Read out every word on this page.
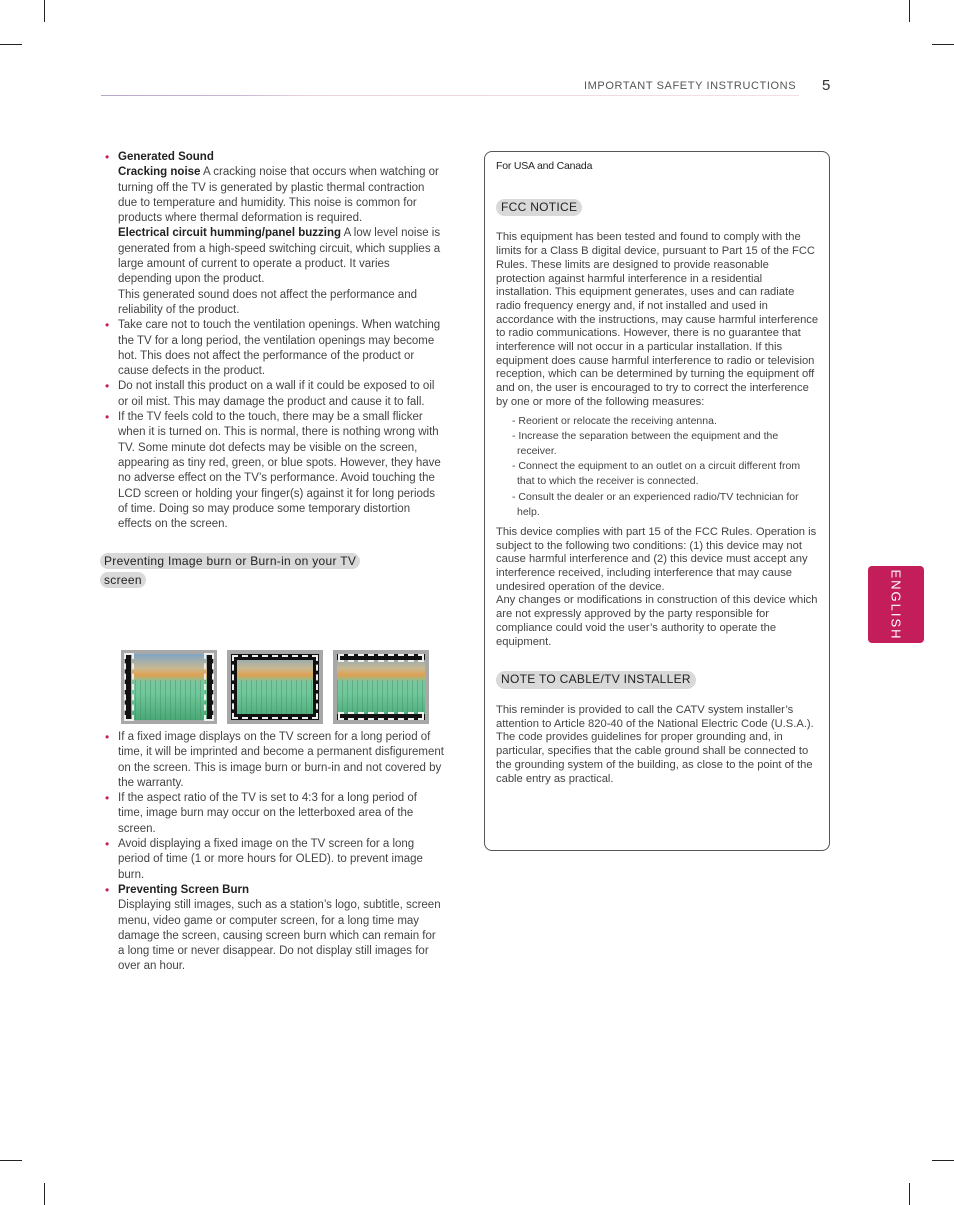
IMPORTANT SAFETY INSTRUCTIONS 5
ENGLISH
• Generated Sound
Cracking noise A cracking noise that occurs when watching or turning off the TV is generated by plastic thermal contraction due to temperature and humidity. This noise is common for products where thermal deformation is required.
Electrical circuit humming/panel buzzing A low level noise is generated from a high-speed switching circuit, which supplies a large amount of current to operate a product. It varies depending upon the product.
This generated sound does not affect the performance and reliability of the product.
• Take care not to touch the ventilation openings. When watching the TV for a long period, the ventilation openings may become hot. This does not affect the performance of the product or cause defects in the product.
• Do not install this product on a wall if it could be exposed to oil or oil mist. This may damage the product and cause it to fall.
• If the TV feels cold to the touch, there may be a small flicker when it is turned on. This is normal, there is nothing wrong with TV. Some minute dot defects may be visible on the screen, appearing as tiny red, green, or blue spots. However, they have no adverse effect on the TV’s performance. Avoid touching the LCD screen or holding your finger(s) against it for long periods of time. Doing so may produce some temporary distortion effects on the screen.
Preventing Image burn or Burn-in on your TV screen
• If a fixed image displays on the TV screen for a long period of time, it will be imprinted and become a permanent disfigurement on the screen. This is image burn or burn-in and not covered by the warranty.
• If the aspect ratio of the TV is set to 4:3 for a long period of time, image burn may occur on the letterboxed area of the screen.
• Avoid displaying a fixed image on the TV screen for a long period of time (1 or more hours for OLED). to prevent image burn.
• Preventing Screen Burn
Displaying still images, such as a station’s logo, subtitle, screen menu, video game or computer screen, for a long time may damage the screen, causing screen burn which can remain for a long time or never disappear. Do not display still images for over an hour.
For USA and Canada
FCC NOTICE

This equipment has been tested and found to comply with the limits for a Class B digital device, pursuant to Part 15 of the FCC Rules. These limits are designed to provide reasonable protection against harmful interference in a residential installation. This equipment generates, uses and can radiate radio frequency energy and, if not installed and used in accordance with the instructions, may cause harmful interference to radio communications. However, there is no guarantee that interference will not occur in a particular installation. If this equipment does cause harmful interference to radio or television reception, which can be determined by turning the equipment off and on, the user is encouraged to try to correct the interference by one or more of the following measures:

- Reorient or relocate the receiving antenna.
- Increase the separation between the equipment and the receiver.
- Connect the equipment to an outlet on a circuit different from that to which the receiver is connected.
- Consult the dealer or an experienced radio/TV technician for help.

This device complies with part 15 of the FCC Rules. Operation is subject to the following two conditions: (1) this device may not cause harmful interference and (2) this device must accept any interference received, including interference that may cause undesired operation of the device.

Any changes or modifications in construction of this device which are not expressly approved by the party responsible for compliance could void the user’s authority to operate the equipment.

NOTE TO CABLE/TV INSTALLER

This reminder is provided to call the CATV system installer’s attention to Article 820-40 of the National Electric Code (U.S.A.). The code provides guidelines for proper grounding and, in particular, specifies that the cable ground shall be connected to the grounding system of the building, as close to the point of the cable entry as practical.
